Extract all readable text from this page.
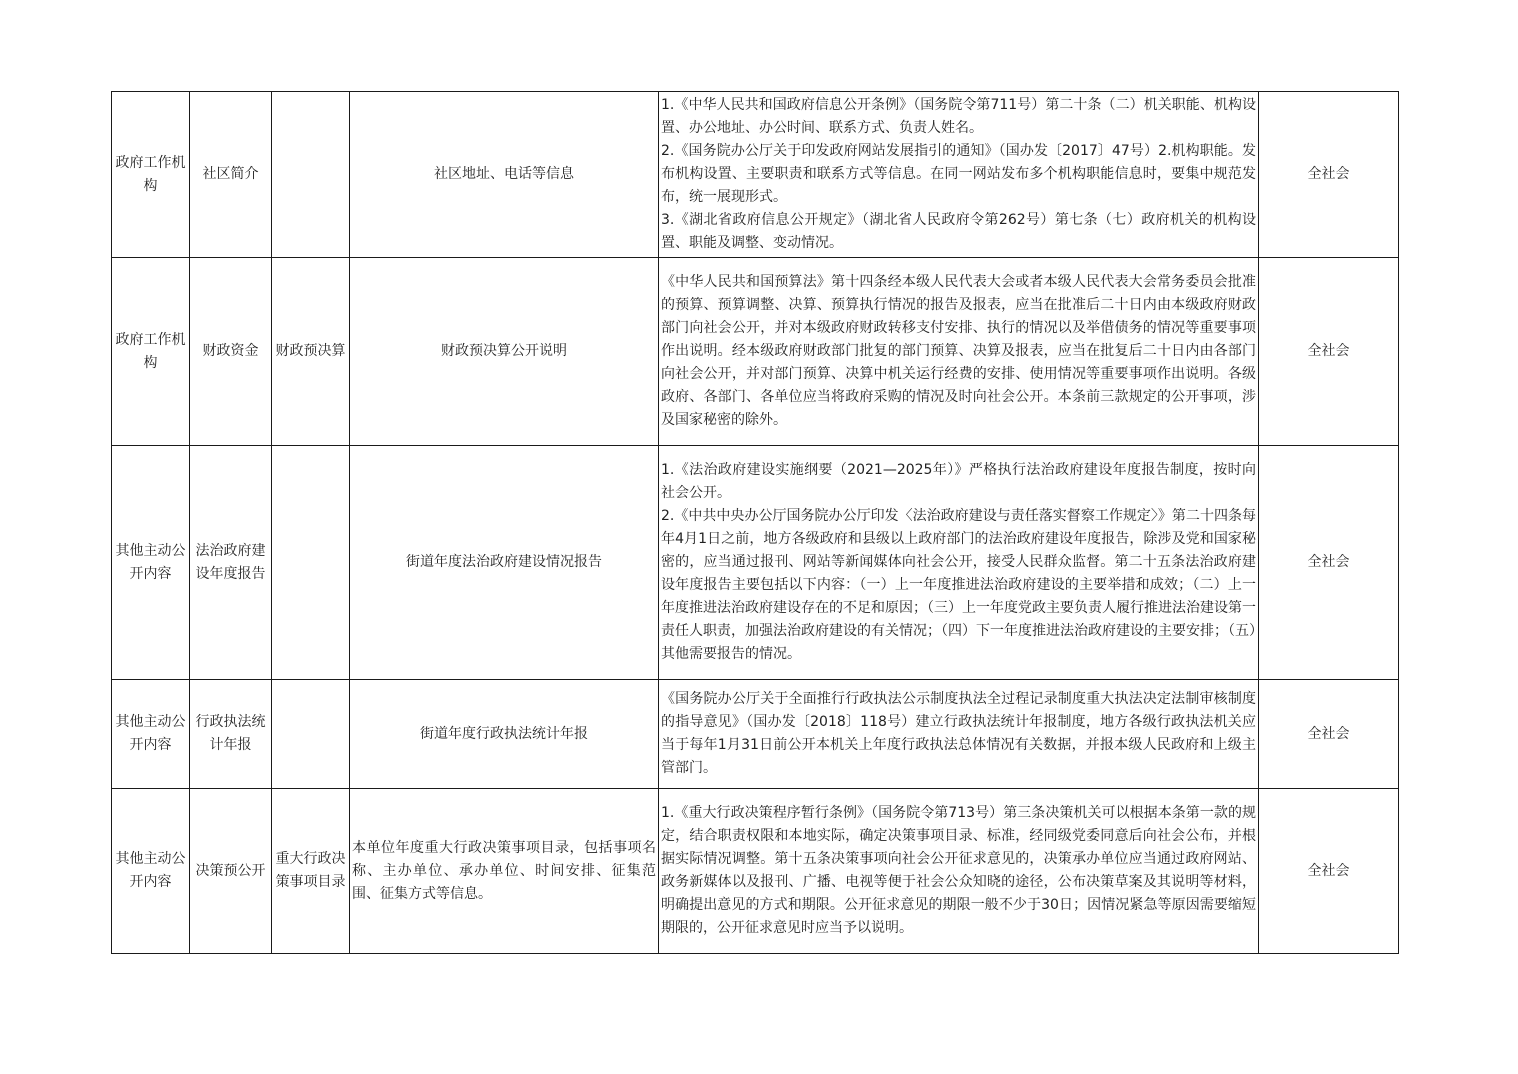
政府工作机构	社区简介		社区地址、电话等信息	1.《中华人民共和国政府信息公开条例》（国务院令第711号）第二十条（二）机关职能、机构设置、办公地址、办公时间、联系方式、负责人姓名。
2.《国务院办公厅关于印发政府网站发展指引的通知》（国办发〔2017〕47号）2.机构职能。发布机构设置、主要职责和联系方式等信息。在同一网站发布多个机构职能信息时，要集中规范发布，统一展现形式。
3.《湖北省政府信息公开规定》（湖北省人民政府令第262号）第七条（七）政府机关的机构设置、职能及调整、变动情况。	全社会
政府工作机构	财政资金	财政预决算	财政预决算公开说明	《中华人民共和国预算法》第十四条经本级人民代表大会或者本级人民代表大会常务委员会批准的预算、预算调整、决算、预算执行情况的报告及报表，应当在批准后二十日内由本级政府财政部门向社会公开，并对本级政府财政转移支付安排、执行的情况以及举借债务的情况等重要事项作出说明。经本级政府财政部门批复的部门预算、决算及报表，应当在批复后二十日内由各部门向社会公开，并对部门预算、决算中机关运行经费的安排、使用情况等重要事项作出说明。各级政府、各部门、各单位应当将政府采购的情况及时向社会公开。本条前三款规定的公开事项，涉及国家秘密的除外。	全社会
其他主动公开内容	法治政府建设年度报告		街道年度法治政府建设情况报告	1.《法治政府建设实施纲要（2021—2025年）》严格执行法治政府建设年度报告制度，按时向社会公开。
2.《中共中央办公厅国务院办公厅印发〈法治政府建设与责任落实督察工作规定〉》第二十四条每年4月1日之前，地方各级政府和县级以上政府部门的法治政府建设年度报告，除涉及党和国家秘密的，应当通过报刊、网站等新闻媒体向社会公开，接受人民群众监督。第二十五条法治政府建设年度报告主要包括以下内容：（一）上一年度推进法治政府建设的主要举措和成效；（二）上一年度推进法治政府建设存在的不足和原因；（三）上一年度党政主要负责人履行推进法治建设第一责任人职责，加强法治政府建设的有关情况；（四）下一年度推进法治政府建设的主要安排；（五）其他需要报告的情况。	全社会
其他主动公开内容	行政执法统计年报		街道年度行政执法统计年报	《国务院办公厅关于全面推行行政执法公示制度执法全过程记录制度重大执法决定法制审核制度的指导意见》（国办发〔2018〕118号）建立行政执法统计年报制度，地方各级行政执法机关应当于每年1月31日前公开本机关上年度行政执法总体情况有关数据，并报本级人民政府和上级主管部门。	全社会
其他主动公开内容	决策预公开	重大行政决策事项目录	本单位年度重大行政决策事项目录，包括事项名称、主办单位、承办单位、时间安排、征集范围、征集方式等信息。	1.《重大行政决策程序暂行条例》（国务院令第713号）第三条决策机关可以根据本条第一款的规定，结合职责权限和本地实际，确定决策事项目录、标准，经同级党委同意后向社会公布，并根据实际情况调整。第十五条决策事项向社会公开征求意见的，决策承办单位应当通过政府网站、政务新媒体以及报刊、广播、电视等便于社会公众知晓的途径，公布决策草案及其说明等材料，明确提出意见的方式和期限。公开征求意见的期限一般不少于30日；因情况紧急等原因需要缩短期限的，公开征求意见时应当予以说明。	全社会
